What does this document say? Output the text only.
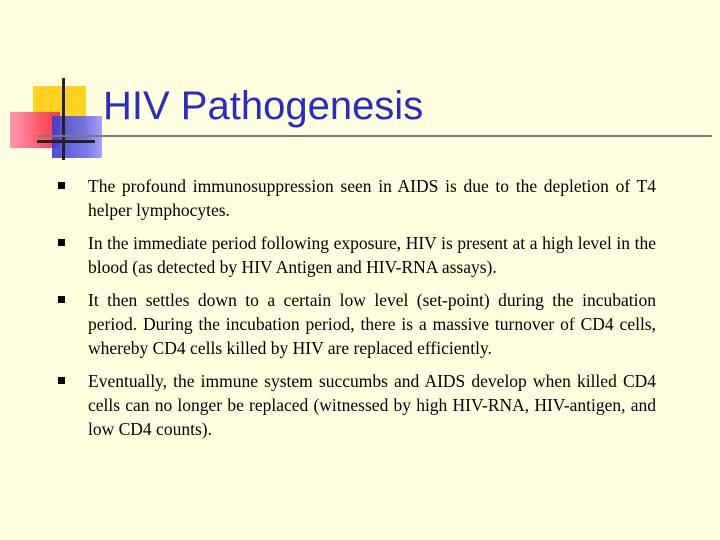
HIV Pathogenesis
The profound immunosuppression seen in AIDS is due to the depletion of T4 helper lymphocytes.
In the immediate period following exposure, HIV is present at a high level in the blood (as detected by HIV Antigen and HIV-RNA assays).
It then settles down to a certain low level (set-point) during the incubation period. During the incubation period, there is a massive turnover of CD4 cells, whereby CD4 cells killed by HIV are replaced efficiently.
Eventually, the immune system succumbs and AIDS develop when killed CD4 cells can no longer be replaced (witnessed by high HIV-RNA, HIV-antigen, and low CD4 counts).
